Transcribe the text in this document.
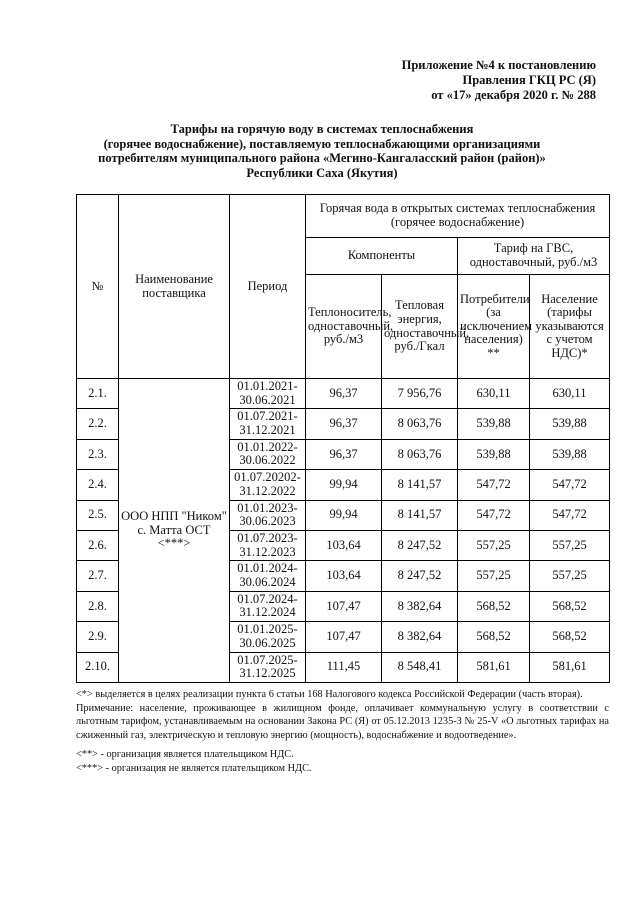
Приложение №4 к постановлению
Правления ГКЦ РС (Я)
от «17» декабря 2020 г. № 288
Тарифы на горячую воду в системах теплоснабжения
(горячее водоснабжение), поставляемую теплоснабжающими организациями
потребителям муниципального района «Мегино-Кангаласский район (район)»
Республики Саха (Якутия)
№	Наименование поставщика	Период	Горячая вода в открытых системах теплоснабжения (горячее водоснабжение)			
			Компоненты		Тариф на ГВС, одноставочный, руб./м3	
			Теплоноситель, одноставочный, руб./м3	Тепловая энергия, одноставочный, руб./Гкал	Потребители (за исключением населения) **	Население (тарифы указываются с учетом НДС)*
2.1.	ООО НПП "Ником" с. Матта ОСТ <***>	01.01.2021-30.06.2021	96,37	7 956,76	630,11	630,11
2.2.		01.07.2021-31.12.2021	96,37	8 063,76	539,88	539,88
2.3.		01.01.2022-30.06.2022	96,37	8 063,76	539,88	539,88
2.4.		01.07.20202-31.12.2022	99,94	8 141,57	547,72	547,72
2.5.		01.01.2023-30.06.2023	99,94	8 141,57	547,72	547,72
2.6.		01.07.2023-31.12.2023	103,64	8 247,52	557,25	557,25
2.7.		01.01.2024-30.06.2024	103,64	8 247,52	557,25	557,25
2.8.		01.07.2024-31.12.2024	107,47	8 382,64	568,52	568,52
2.9.		01.01.2025-30.06.2025	107,47	8 382,64	568,52	568,52
2.10.		01.07.2025-31.12.2025	111,45	8 548,41	581,61	581,61

<*> выделяется в целях реализации пункта 6 статьи 168 Налогового кодекса Российской Федерации (часть вторая).

Примечание: население, проживающее в жилищном фонде, оплачивает коммунальную услугу в соответствии с льготным тарифом, устанавливаемым на основании Закона РС (Я) от 05.12.2013 1235-З № 25-V «О льготных тарифах на сжиженный газ, электрическую и тепловую энергию (мощность), водоснабжение и водоотведение».

<**> - организация является плательщиком НДС.

<***> - организация не является плательщиком НДС.
